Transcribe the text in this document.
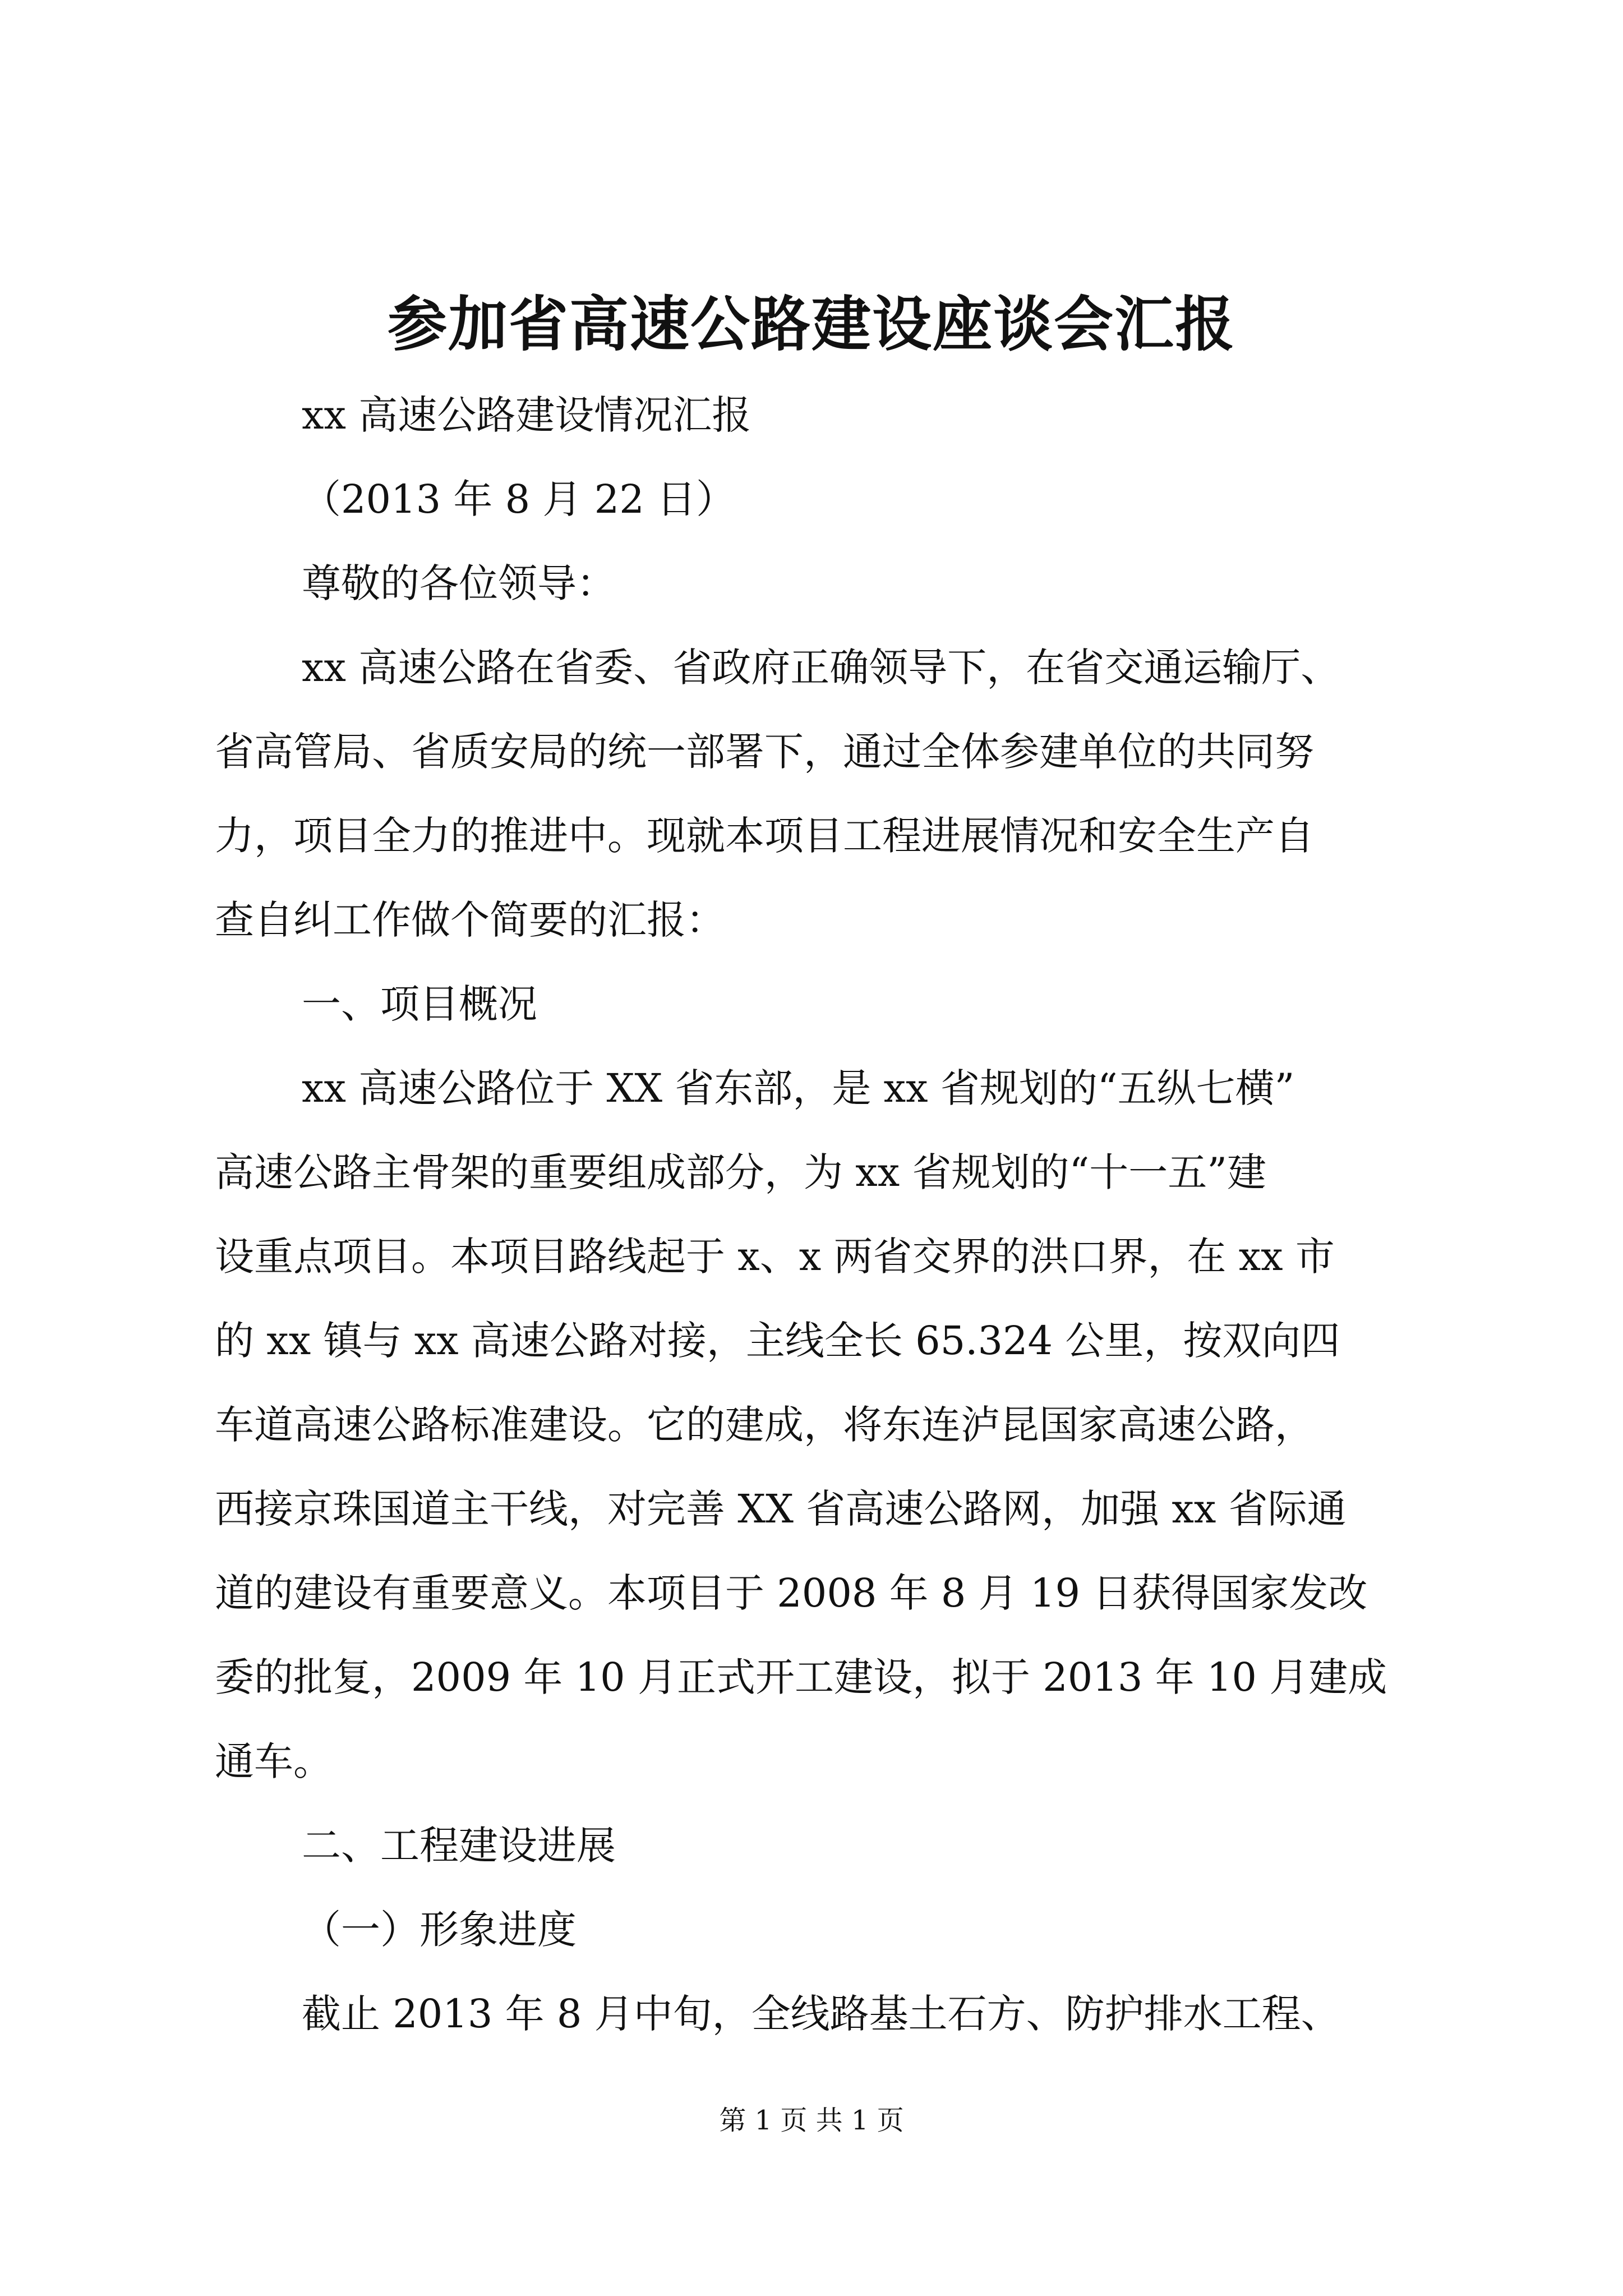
参加省高速公路建设座谈会汇报
xx 高速公路建设情况汇报
（2013 年 8 月 22 日）
尊敬的各位领导：
xx 高速公路在省委、省政府正确领导下，在省交通运输厅、
省高管局、省质安局的统一部署下，通过全体参建单位的共同努
力，项目全力的推进中。现就本项目工程进展情况和安全生产自
查自纠工作做个简要的汇报：
一、项目概况
xx 高速公路位于 XX 省东部，是 xx 省规划的“五纵七横”
高速公路主骨架的重要组成部分，为 xx 省规划的“十一五”建
设重点项目。本项目路线起于 x、x 两省交界的洪口界，在 xx 市
的 xx 镇与 xx 高速公路对接，主线全长 65.324 公里，按双向四
车道高速公路标准建设。它的建成，将东连泸昆国家高速公路，
西接京珠国道主干线，对完善 XX 省高速公路网，加强 xx 省际通
道的建设有重要意义。本项目于 2008 年 8 月 19 日获得国家发改
委的批复，2009 年 10 月正式开工建设，拟于 2013 年 10 月建成
通车。
二、工程建设进展
（一）形象进度
截止 2013 年 8 月中旬，全线路基土石方、防护排水工程、
第 1 页 共 1 页
